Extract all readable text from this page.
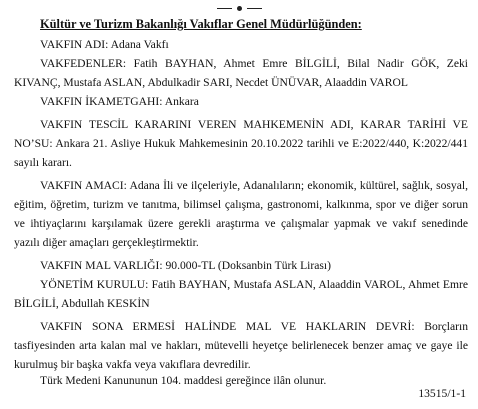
Kültür ve Turizm Bakanlığı Vakıflar Genel Müdürlüğünden:

VAKFIN ADI: Adana Vakfı

VAKFEDENLER: Fatih BAYHAN, Ahmet Emre BİLGİLİ, Bilal Nadir GÖK, Zeki KIVANÇ, Mustafa ASLAN, Abdulkadir SARI, Necdet ÜNÜVAR, Alaaddin VAROL

VAKFIN İKAMETGAHI: Ankara

VAKFIN TESCİL KARARINI VEREN MAHKEMENİN ADI, KARAR TARİHİ VE NO’SU: Ankara 21. Asliye Hukuk Mahkemesinin 20.10.2022 tarihli ve E:2022/440, K:2022/441 sayılı kararı.

VAKFIN AMACI: Adana İli ve ilçeleriyle, Adanalıların; ekonomik, kültürel, sağlık, sosyal, eğitim, öğretim, turizm ve tanıtma, bilimsel çalışma, gastronomi, kalkınma, spor ve diğer sorun ve ihtiyaçlarını karşılamak üzere gerekli araştırma ve çalışmalar yapmak ve vakıf senedinde yazılı diğer amaçları gerçekleştirmektir.

VAKFIN MAL VARLIĞI: 90.000-TL (Doksanbin Türk Lirası)

YÖNETİM KURULU: Fatih BAYHAN, Mustafa ASLAN, Alaaddin VAROL, Ahmet Emre BİLGİLİ, Abdullah KESKİN

VAKFIN SONA ERMESİ HALİNDE MAL VE HAKLARIN DEVRİ: Borçların tasfiyesinden arta kalan mal ve hakları, mütevelli heyetçe belirlenecek benzer amaç ve gaye ile kurulmuş bir başka vakfa veya vakıflara devredilir.

Türk Medeni Kanununun 104. maddesi gereğince ilân olunur.

13515/1-1
